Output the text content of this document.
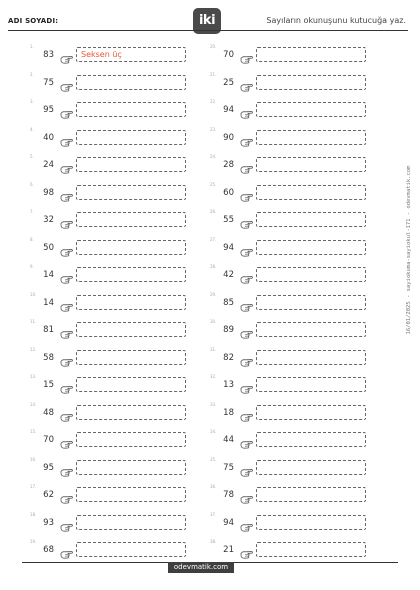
ADI SOYADI:	iki	Sayıların okunuşunu kutucuğa yaz.
1.
83	Seksen üç
2.
75
3.
95
4.
40
5.
24
6.
98
7.
32
8.
50
9.
14
10.
14
11.
81
12.
58
13.
15
14.
48
15.
70
16.
95
17.
62
18.
93
19.
68
20.
70
21.
25
22.
94
23.
90
24.
28
25.
60
26.
55
27.
94
28.
42
29.
85
30.
89
31.
82
32.
13
33.
18
34.
44
35.
75
36.
78
37.
94
38.
21
odevmatik.com
16/01/2025 - sayiokuma-sayiokul-171 - odevmatik.com
